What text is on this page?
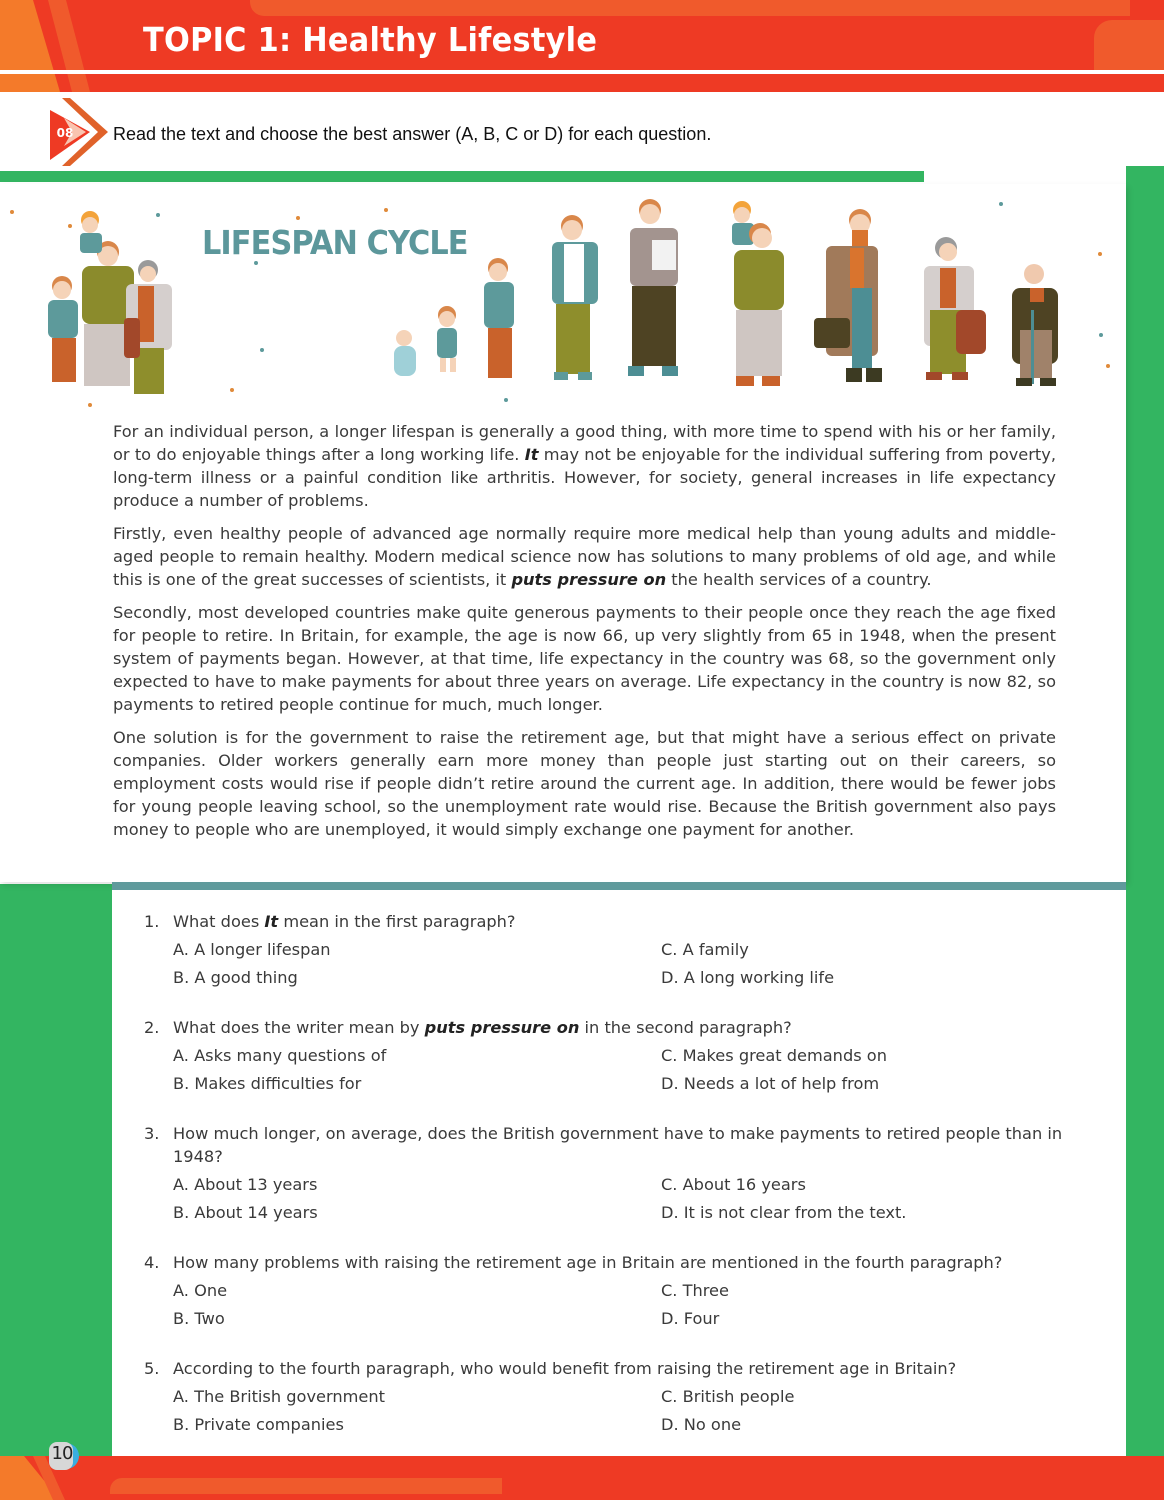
TOPIC 1: Healthy Lifestyle
08 Read the text and choose the best answer (A, B, C or D) for each question.
LIFESPAN CYCLE

For an individual person, a longer lifespan is generally a good thing, with more time to spend with his or her family, or to do enjoyable things after a long working life. It may not be enjoyable for the individual suffering from poverty, long-term illness or a painful condition like arthritis. However, for society, general increases in life expectancy produce a number of problems.

Firstly, even healthy people of advanced age normally require more medical help than young adults and middle-aged people to remain healthy. Modern medical science now has solutions to many problems of old age, and while this is one of the great successes of scientists, it puts pressure on the health services of a country.

Secondly, most developed countries make quite generous payments to their people once they reach the age fixed for people to retire. In Britain, for example, the age is now 66, up very slightly from 65 in 1948, when the present system of payments began. However, at that time, life expectancy in the country was 68, so the government only expected to have to make payments for about three years on average. Life expectancy in the country is now 82, so payments to retired people continue for much, much longer.

One solution is for the government to raise the retirement age, but that might have a serious effect on private companies. Older workers generally earn more money than people just starting out on their careers, so employment costs would rise if people didn’t retire around the current age. In addition, there would be fewer jobs for young people leaving school, so the unemployment rate would rise. Because the British government also pays money to people who are unemployed, it would simply exchange one payment for another.

1. What does It mean in the first paragraph?
A. A longer lifespan	C. A family
B. A good thing	D. A long working life
2. What does the writer mean by puts pressure on in the second paragraph?
A. Asks many questions of	C. Makes great demands on
B. Makes difficulties for	D. Needs a lot of help from
3. How much longer, on average, does the British government have to make payments to retired people than in 1948?
A. About 13 years	C. About 16 years
B. About 14 years	D. It is not clear from the text.
4. How many problems with raising the retirement age in Britain are mentioned in the fourth paragraph?
A. One	C. Three
B. Two	D. Four
5. According to the fourth paragraph, who would benefit from raising the retirement age in Britain?
A. The British government	C. British people
B. Private companies	D. No one
10
